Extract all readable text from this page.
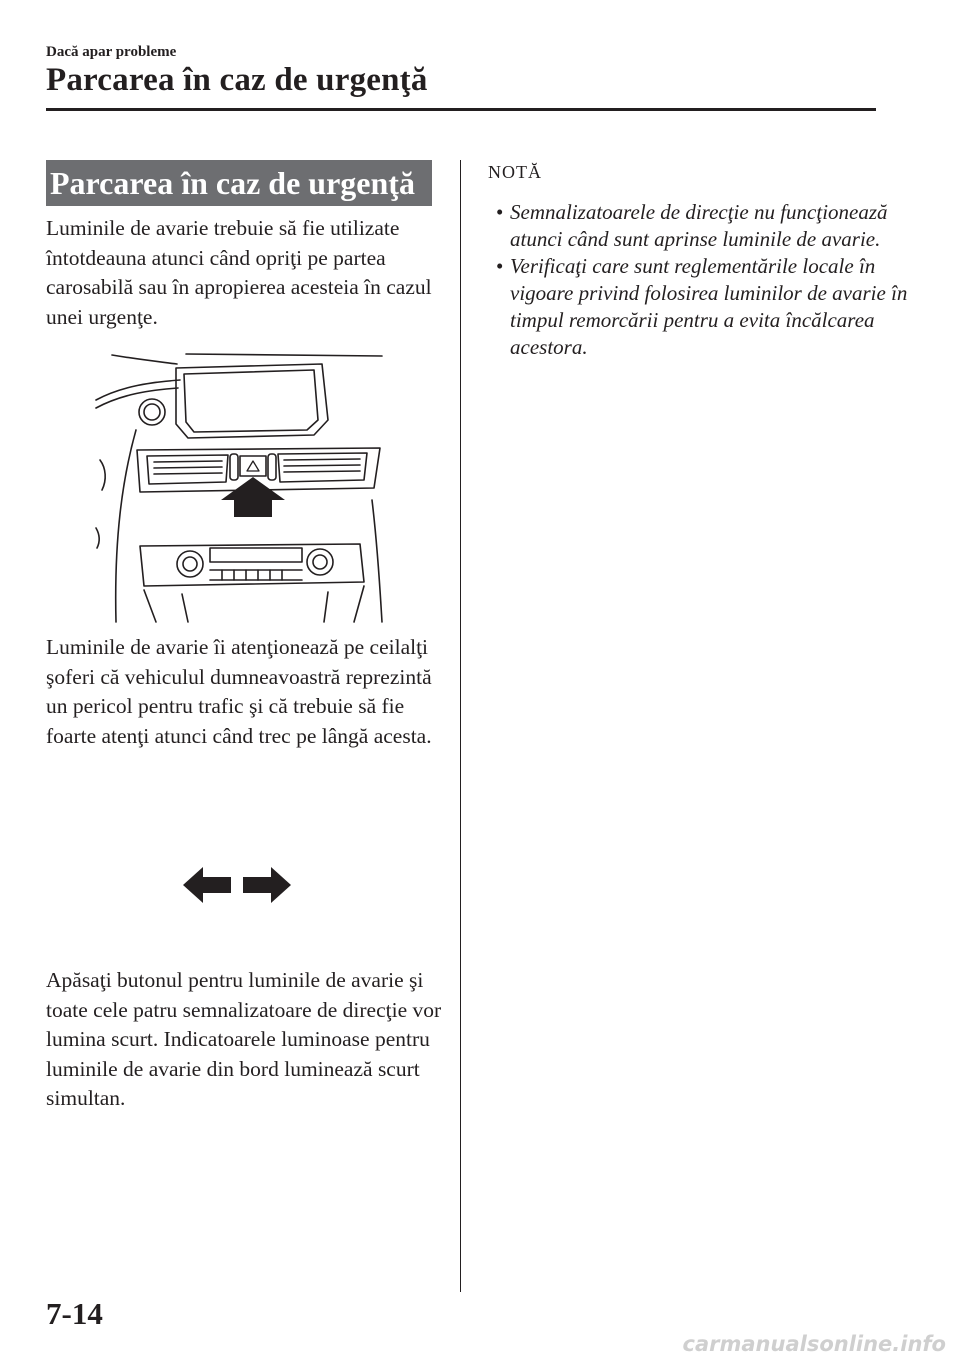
Dacă apar probleme
Parcarea în caz de urgenţă
Parcarea în caz de urgenţă
Luminile de avarie trebuie să fie utilizate întotdeauna atunci când opriţi pe partea carosabilă sau în apropierea acesteia în cazul unei urgenţe.
Luminile de avarie îi atenţionează pe ceilalţi şoferi că vehiculul dumneavoastră reprezintă un pericol pentru trafic şi că trebuie să fie foarte atenţi atunci când trec pe lângă acesta.
Apăsaţi butonul pentru luminile de avarie şi toate cele patru semnalizatoare de direcţie vor lumina scurt. Indicatoarele luminoase pentru luminile de avarie din bord luminează scurt simultan.
NOTĂ
• Semnalizatoarele de direcţie nu funcţionează atunci când sunt aprinse luminile de avarie.
• Verificaţi care sunt reglementările locale în vigoare privind folosirea luminilor de avarie în timpul remorcării pentru a evita încălcarea acestora.
7-14
carmanualsonline.info
